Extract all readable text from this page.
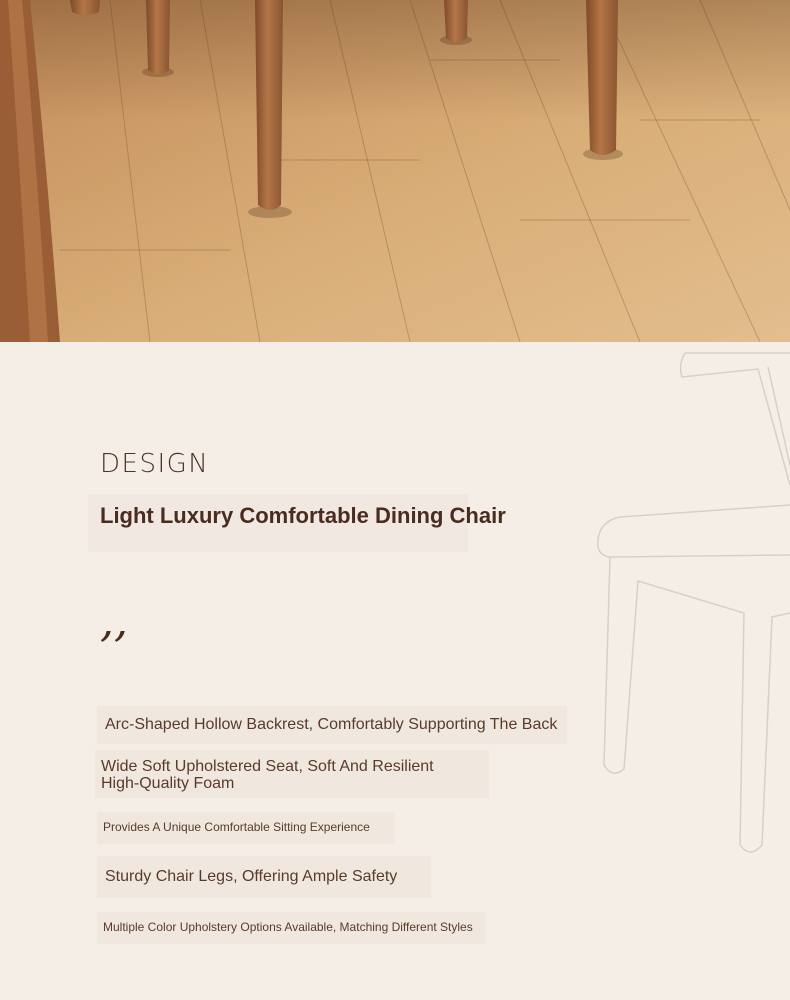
DESIGN
Light Luxury Comfortable Dining Chair
,,
Arc-Shaped Hollow Backrest, Comfortably Supporting The Back
Wide Soft Upholstered Seat, Soft And Resilient High-Quality Foam
Provides A Unique Comfortable Sitting Experience
Sturdy Chair Legs, Offering Ample Safety
Multiple Color Upholstery Options Available, Matching Different Styles
